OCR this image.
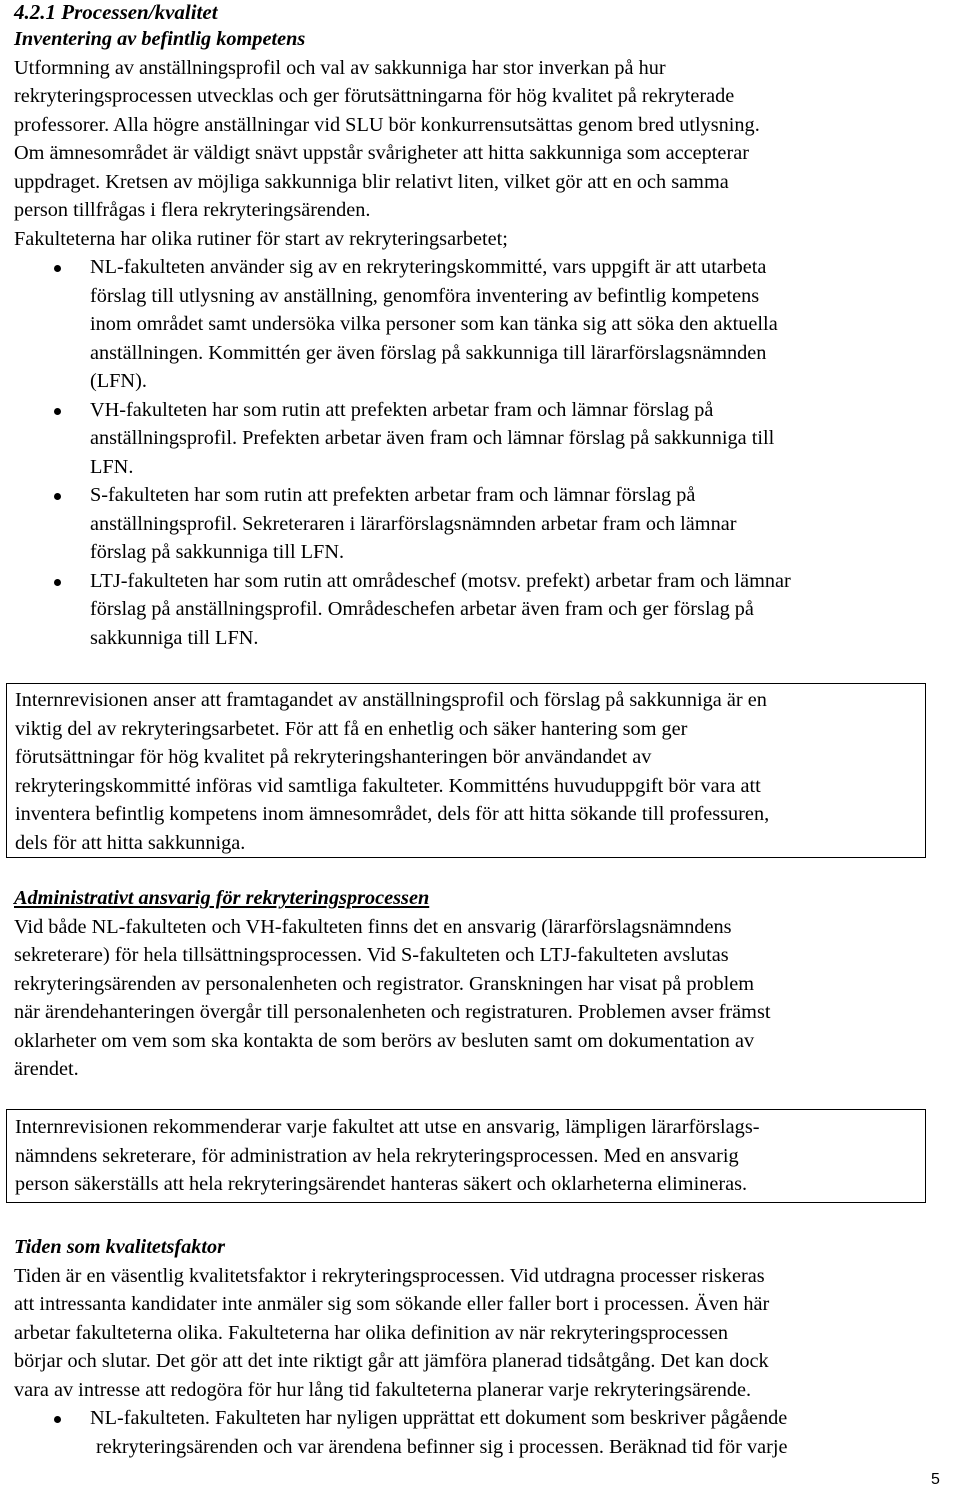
4.2.1 Processen/kvalitet

Inventering av befintlig kompetens
Utformning av anställningsprofil och val av sakkunniga har stor inverkan på hur
rekryteringsprocessen utvecklas och ger förutsättningarna för hög kvalitet på rekryterade
professorer. Alla högre anställningar vid SLU bör konkurrensutsättas genom bred utlysning.
Om ämnesområdet är väldigt snävt uppstår svårigheter att hitta sakkunniga som accepterar
uppdraget. Kretsen av möjliga sakkunniga blir relativt liten, vilket gör att en och samma
person tillfrågas i flera rekryteringsärenden.
Fakulteterna har olika rutiner för start av rekryteringsarbetet;
NL-fakulteten använder sig av en rekryteringskommitté, vars uppgift är att utarbeta
förslag till utlysning av anställning, genomföra inventering av befintlig kompetens
inom området samt undersöka vilka personer som kan tänka sig att söka den aktuella
anställningen. Kommittén ger även förslag på sakkunniga till lärarförslagsnämnden
(LFN).
VH-fakulteten har som rutin att prefekten arbetar fram och lämnar förslag på
anställningsprofil. Prefekten arbetar även fram och lämnar förslag på sakkunniga till
LFN.
S-fakulteten har som rutin att prefekten arbetar fram och lämnar förslag på
anställningsprofil. Sekreteraren i lärarförslagsnämnden arbetar fram och lämnar
förslag på sakkunniga till LFN.
LTJ-fakulteten har som rutin att områdeschef (motsv. prefekt) arbetar fram och lämnar
förslag på anställningsprofil. Områdeschefen arbetar även fram och ger förslag på
sakkunniga till LFN.
Internrevisionen anser att framtagandet av anställningsprofil och förslag på sakkunniga är en
viktig del av rekryteringsarbetet. För att få en enhetlig och säker hantering som ger
förutsättningar för hög kvalitet på rekryteringshanteringen bör användandet av
rekryteringskommitté införas vid samtliga fakulteter. Kommitténs huvuduppgift bör vara att
inventera befintlig kompetens inom ämnesområdet, dels för att hitta sökande till professuren,
dels för att hitta sakkunniga.
Administrativt ansvarig för rekryteringsprocessen
Vid både NL-fakulteten och VH-fakulteten finns det en ansvarig (lärarförslagsnämndens
sekreterare) för hela tillsättningsprocessen. Vid S-fakulteten och LTJ-fakulteten avslutas
rekryteringsärenden av personalenheten och registrator. Granskningen har visat på problem
när ärendehanteringen övergår till personalenheten och registraturen. Problemen avser främst
oklarheter om vem som ska kontakta de som berörs av besluten samt om dokumentation av
ärendet.
Internrevisionen rekommenderar varje fakultet att utse en ansvarig, lämpligen lärarförslags-
nämndens sekreterare, för administration av hela rekryteringsprocessen. Med en ansvarig
person säkerställs att hela rekryteringsärendet hanteras säkert och oklarheterna elimineras.
Tiden som kvalitetsfaktor
Tiden är en väsentlig kvalitetsfaktor i rekryteringsprocessen. Vid utdragna processer riskeras
att intressanta kandidater inte anmäler sig som sökande eller faller bort i processen. Även här
arbetar fakulteterna olika. Fakulteterna har olika definition av när rekryteringsprocessen
börjar och slutar. Det gör att det inte riktigt går att jämföra planerad tidsåtgång. Det kan dock
vara av intresse att redogöra för hur lång tid fakulteterna planerar varje rekryteringsärende.
NL-fakulteten. Fakulteten har nyligen upprättat ett dokument som beskriver pågående
rekryteringsärenden och var ärendena befinner sig i processen. Beräknad tid för varje

5
